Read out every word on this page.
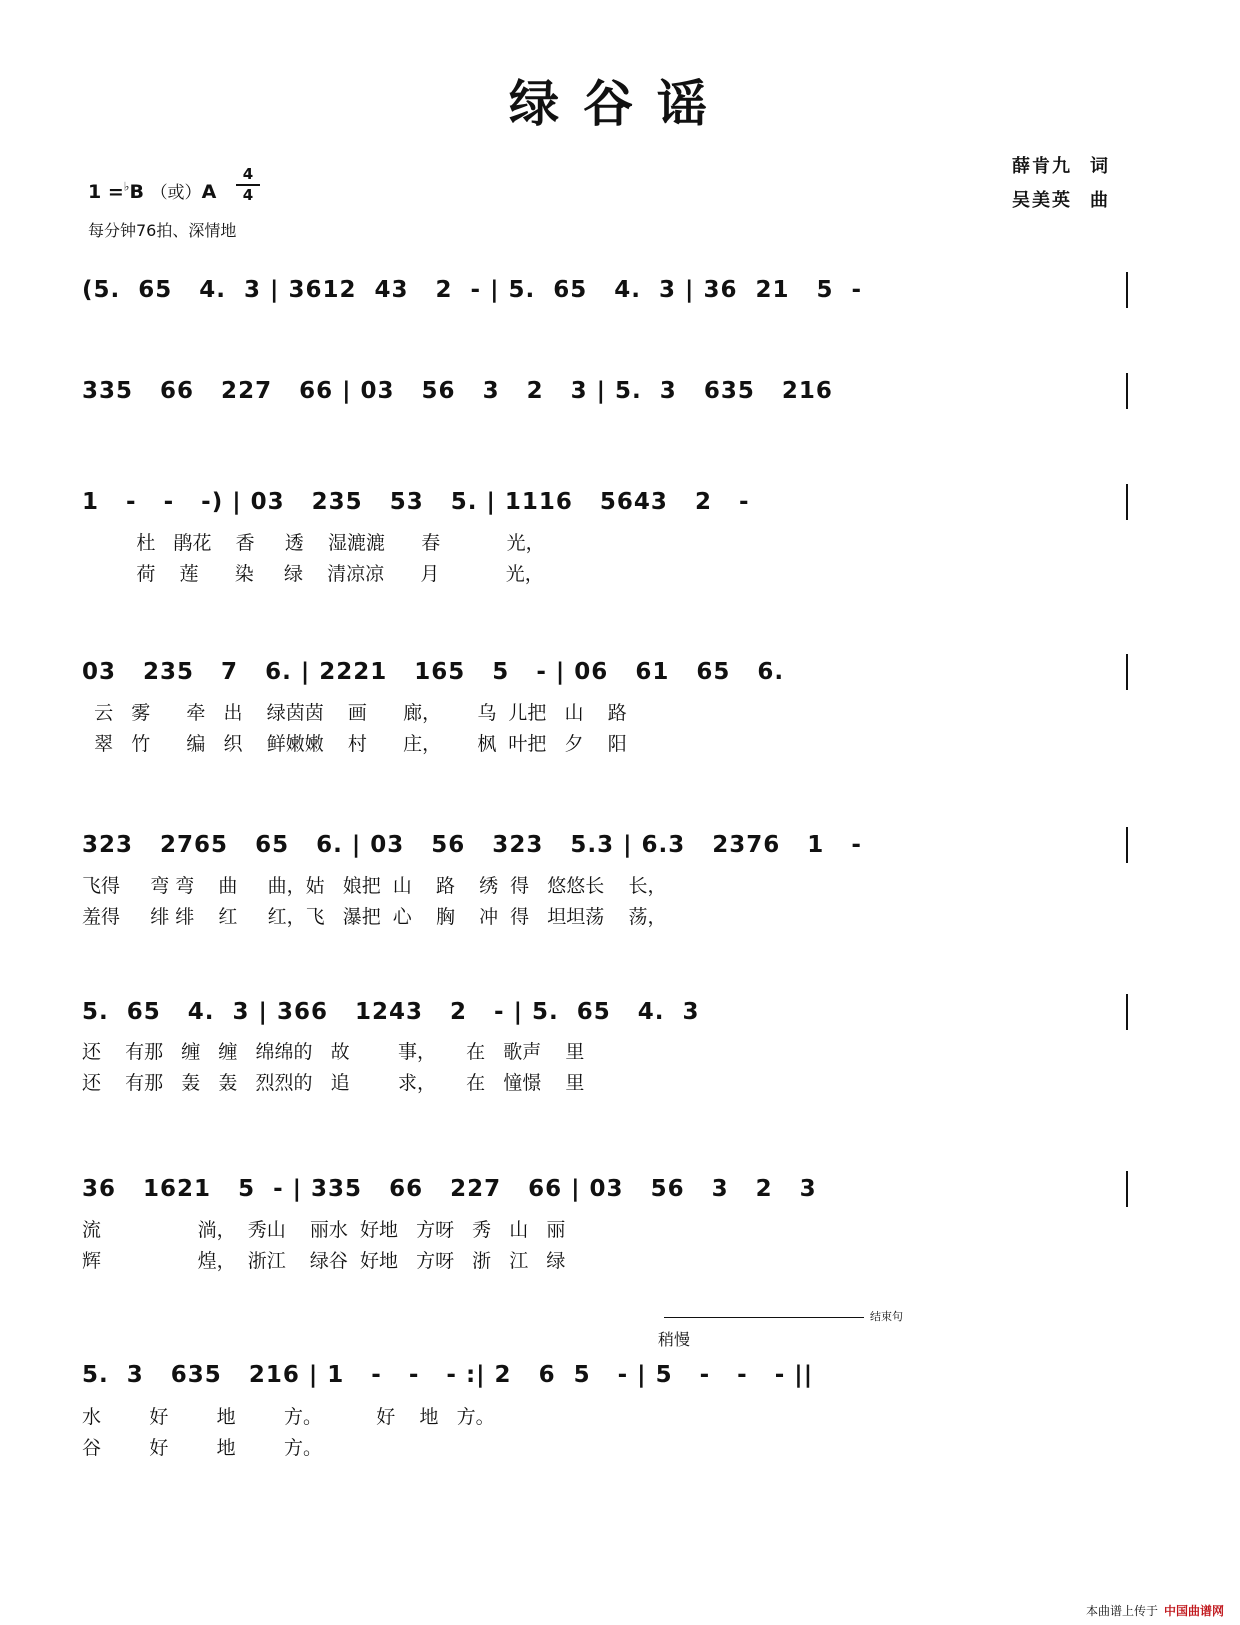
绿谷谣
1 =♭B （或）A
4
4
每分钟76拍、深情地
薛肯九 词
吴美英 曲
(5.  65   4.  3 | 3612  43   2  - | 5.  65   4.  3 | 36  21   5  -
335   66   227   66 | 03   56   3   2   3 | 5.  3   635   216
1   -   -   -) | 03   235   53   5. | 1116   5643   2   -
杜   鹃花    香     透    湿漉漉      春           光，
荷    莲      染     绿    清凉凉      月           光，
03   235   7   6. | 2221   165   5   - | 06   61   65   6.
云   雾      牵   出    绿茵茵    画      廊，      乌  儿把   山    路
翠   竹      编   织    鲜嫩嫩    村      庄，      枫  叶把   夕    阳
323   2765   65   6. | 03   56   323   5.3 | 6.3   2376   1   -
飞得     弯 弯    曲     曲，姑   娘把  山    路    绣  得   悠悠长    长，
羞得     绯 绯    红     红，飞   瀑把  心    胸    冲  得   坦坦荡    荡，
5.  65   4.  3 | 366   1243   2   - | 5.  65   4.  3
还    有那   缠   缠   绵绵的   故        事，     在   歌声    里
还    有那   轰   轰   烈烈的   追        求，     在   憧憬    里
36   1621   5  - | 335   66   227   66 | 03   56   3   2   3
流                淌，  秀山    丽水  好地   方呀   秀   山   丽
辉                煌，  浙江    绿谷  好地   方呀   浙   江   绿
结束句
稍慢
5.  3   635   216 | 1   -   -   - :| 2   6  5   - | 5   -   -   - ||
水        好        地        方。         好    地   方。
谷        好        地        方。
本曲谱上传于 中国曲谱网
